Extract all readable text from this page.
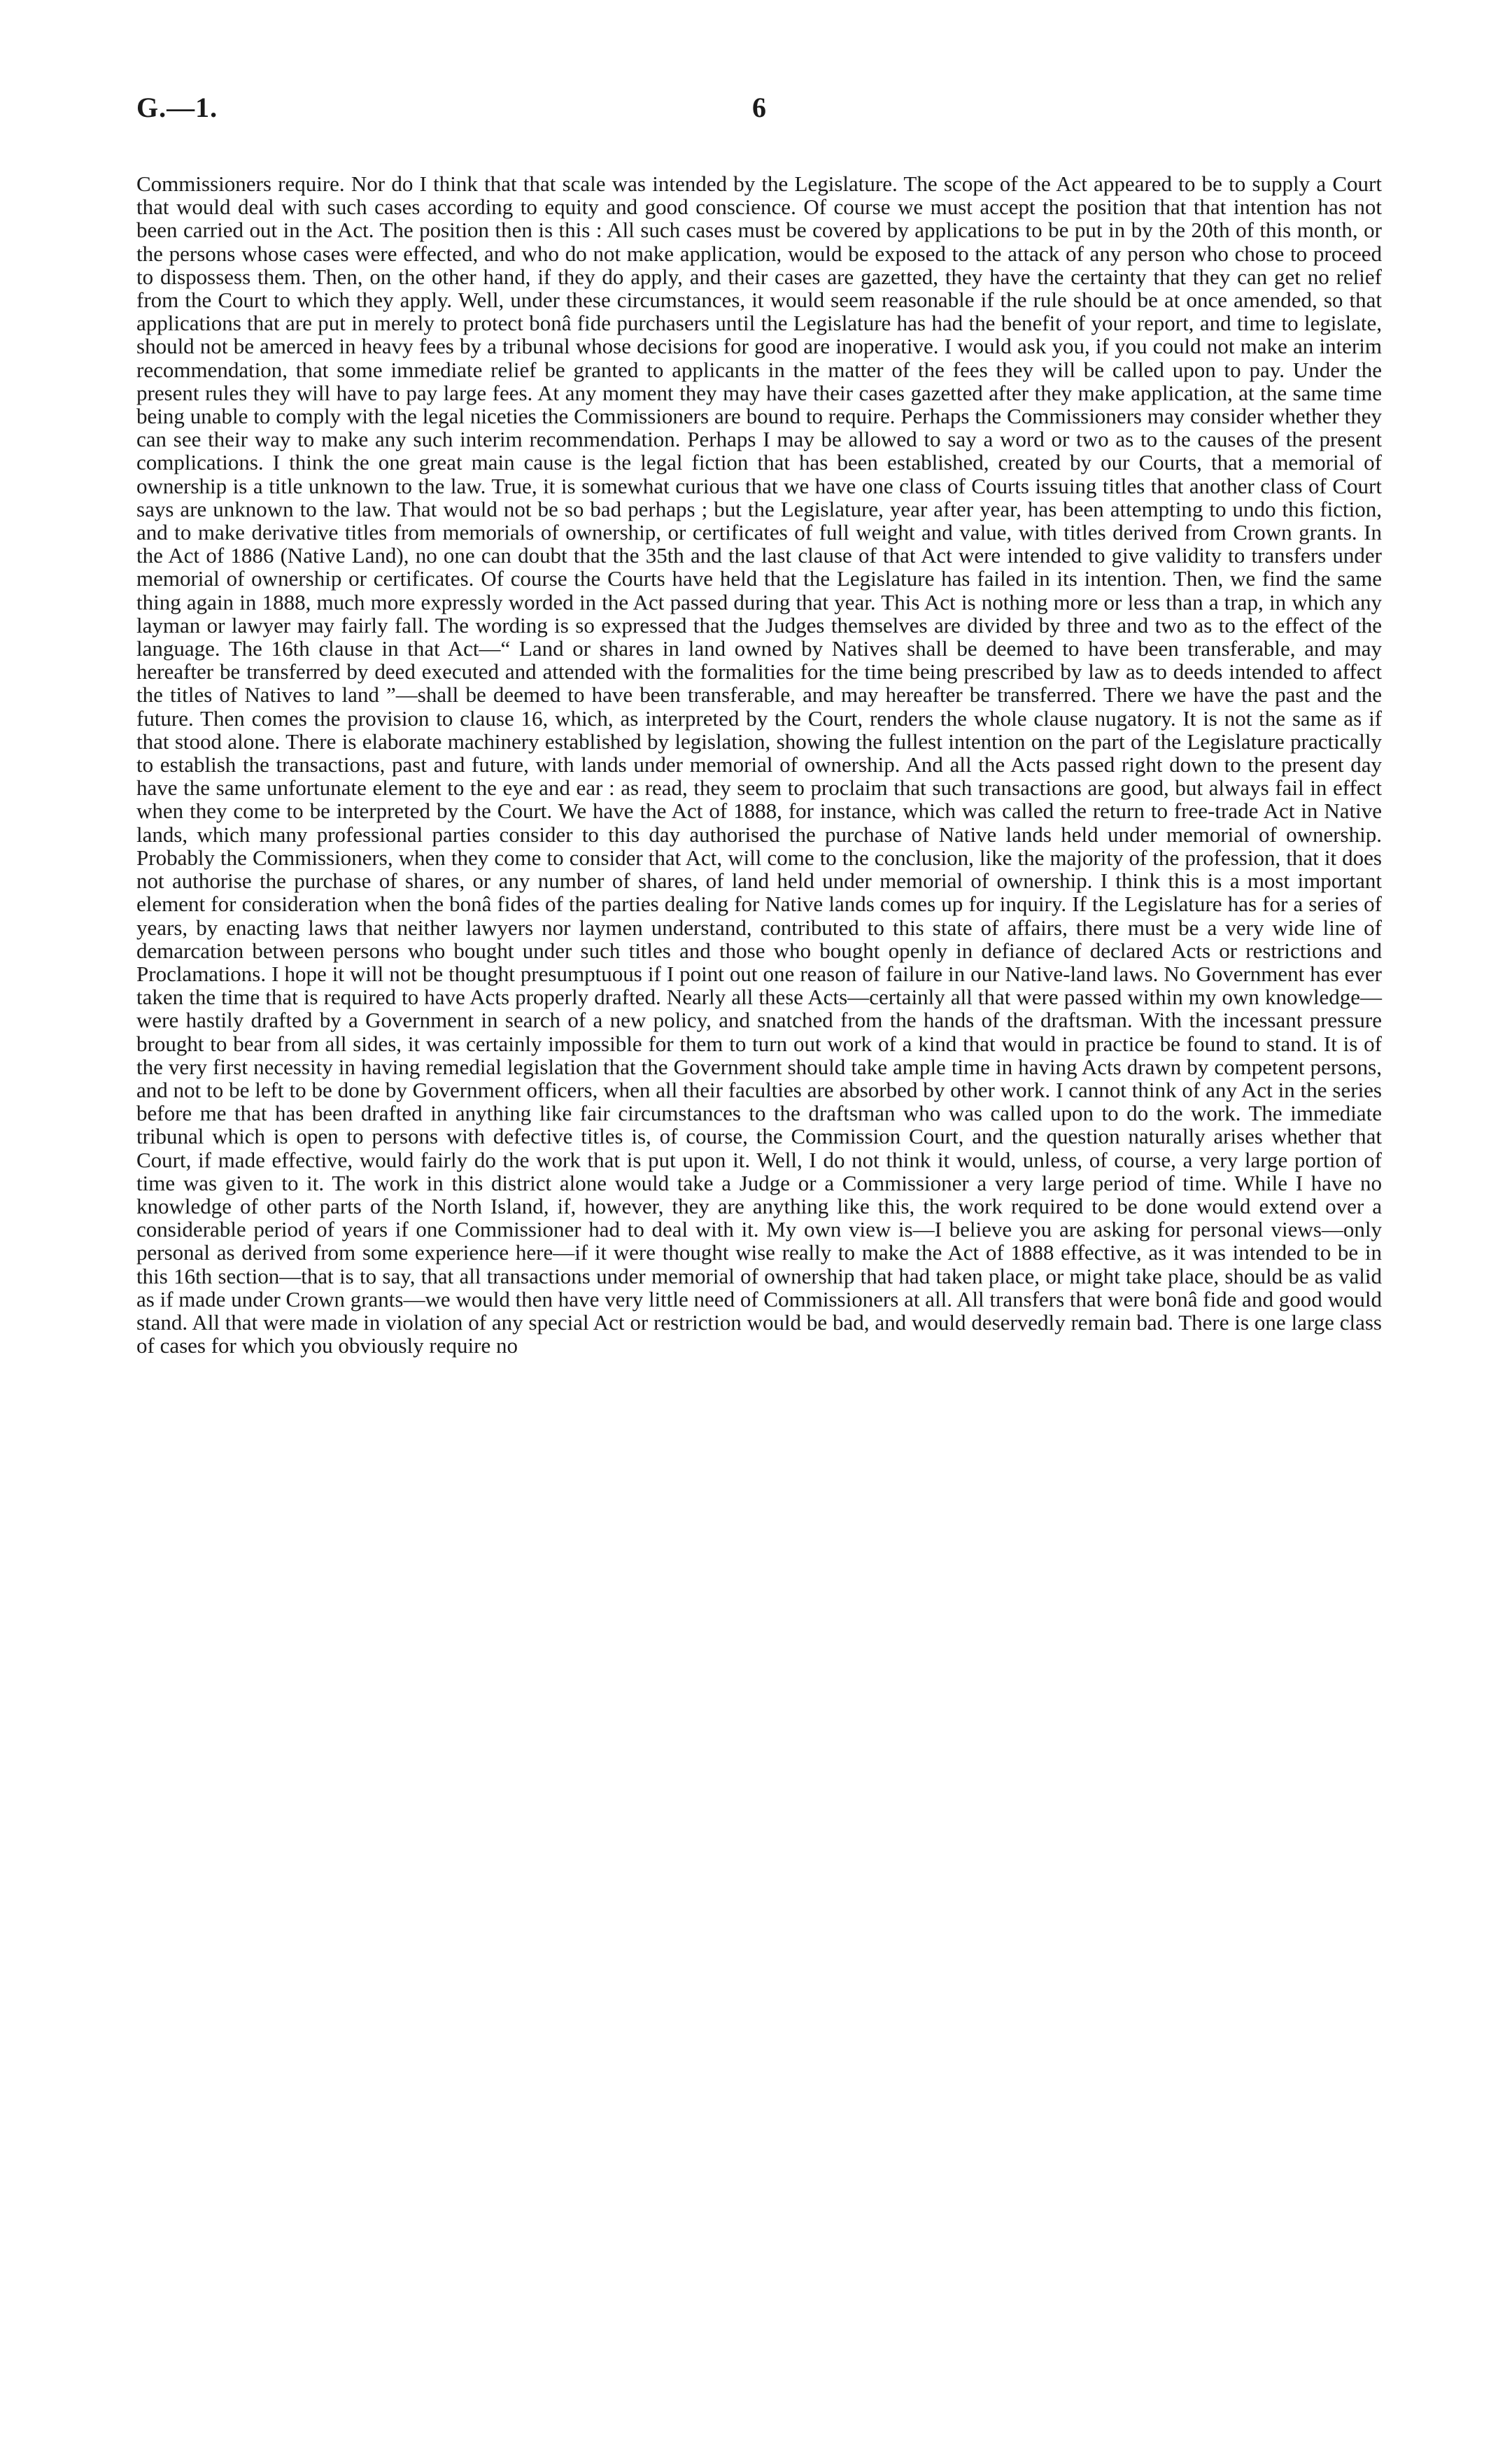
G.—1.	6

Commissioners require. Nor do I think that that scale was intended by the Legislature. The scope of the Act appeared to be to supply a Court that would deal with such cases according to equity and good conscience. Of course we must accept the position that that intention has not been carried out in the Act. The position then is this : All such cases must be covered by applications to be put in by the 20th of this month, or the persons whose cases were effected, and who do not make application, would be exposed to the attack of any person who chose to proceed to dispossess them. Then, on the other hand, if they do apply, and their cases are gazetted, they have the certainty that they can get no relief from the Court to which they apply. Well, under these circumstances, it would seem reasonable if the rule should be at once amended, so that applications that are put in merely to protect bonâ fide purchasers until the Legislature has had the benefit of your report, and time to legislate, should not be amerced in heavy fees by a tribunal whose decisions for good are inoperative. I would ask you, if you could not make an interim recommendation, that some immediate relief be granted to applicants in the matter of the fees they will be called upon to pay. Under the present rules they will have to pay large fees. At any moment they may have their cases gazetted after they make application, at the same time being unable to comply with the legal niceties the Commissioners are bound to require. Perhaps the Commissioners may consider whether they can see their way to make any such interim recommendation. Perhaps I may be allowed to say a word or two as to the causes of the present complications. I think the one great main cause is the legal fiction that has been established, created by our Courts, that a memorial of ownership is a title unknown to the law. True, it is somewhat curious that we have one class of Courts issuing titles that another class of Court says are unknown to the law. That would not be so bad perhaps ; but the Legislature, year after year, has been attempting to undo this fiction, and to make derivative titles from memorials of ownership, or certificates of full weight and value, with titles derived from Crown grants. In the Act of 1886 (Native Land), no one can doubt that the 35th and the last clause of that Act were intended to give validity to transfers under memorial of ownership or certificates. Of course the Courts have held that the Legislature has failed in its intention. Then, we find the same thing again in 1888, much more expressly worded in the Act passed during that year. This Act is nothing more or less than a trap, in which any layman or lawyer may fairly fall. The wording is so expressed that the Judges themselves are divided by three and two as to the effect of the language. The 16th clause in that Act—“ Land or shares in land owned by Natives shall be deemed to have been transferable, and may hereafter be transferred by deed executed and attended with the formalities for the time being prescribed by law as to deeds intended to affect the titles of Natives to land ”—shall be deemed to have been transferable, and may hereafter be transferred. There we have the past and the future. Then comes the provision to clause 16, which, as interpreted by the Court, renders the whole clause nugatory. It is not the same as if that stood alone. There is elaborate machinery established by legislation, showing the fullest intention on the part of the Legislature practically to establish the transactions, past and future, with lands under memorial of ownership. And all the Acts passed right down to the present day have the same unfortunate element to the eye and ear : as read, they seem to proclaim that such transactions are good, but always fail in effect when they come to be interpreted by the Court. We have the Act of 1888, for instance, which was called the return to free-trade Act in Native lands, which many professional parties consider to this day authorised the purchase of Native lands held under memorial of ownership. Probably the Commissioners, when they come to consider that Act, will come to the conclusion, like the majority of the profession, that it does not authorise the purchase of shares, or any number of shares, of land held under memorial of ownership. I think this is a most important element for consideration when the bonâ fides of the parties dealing for Native lands comes up for inquiry. If the Legislature has for a series of years, by enacting laws that neither lawyers nor laymen understand, contributed to this state of affairs, there must be a very wide line of demarcation between persons who bought under such titles and those who bought openly in defiance of declared Acts or restrictions and Proclamations. I hope it will not be thought presumptuous if I point out one reason of failure in our Native-land laws. No Government has ever taken the time that is required to have Acts properly drafted. Nearly all these Acts—certainly all that were passed within my own knowledge—were hastily drafted by a Government in search of a new policy, and snatched from the hands of the draftsman. With the incessant pressure brought to bear from all sides, it was certainly impossible for them to turn out work of a kind that would in practice be found to stand. It is of the very first necessity in having remedial legislation that the Government should take ample time in having Acts drawn by competent persons, and not to be left to be done by Government officers, when all their faculties are absorbed by other work. I cannot think of any Act in the series before me that has been drafted in anything like fair circumstances to the draftsman who was called upon to do the work. The immediate tribunal which is open to persons with defective titles is, of course, the Commission Court, and the question naturally arises whether that Court, if made effective, would fairly do the work that is put upon it. Well, I do not think it would, unless, of course, a very large portion of time was given to it. The work in this district alone would take a Judge or a Commissioner a very large period of time. While I have no knowledge of other parts of the North Island, if, however, they are anything like this, the work required to be done would extend over a considerable period of years if one Commissioner had to deal with it. My own view is—I believe you are asking for personal views—only personal as derived from some experience here—if it were thought wise really to make the Act of 1888 effective, as it was intended to be in this 16th section—that is to say, that all transactions under memorial of ownership that had taken place, or might take place, should be as valid as if made under Crown grants—we would then have very little need of Commissioners at all. All transfers that were bonâ fide and good would stand. All that were made in violation of any special Act or restriction would be bad, and would deservedly remain bad. There is one large class of cases for which you obviously require no
